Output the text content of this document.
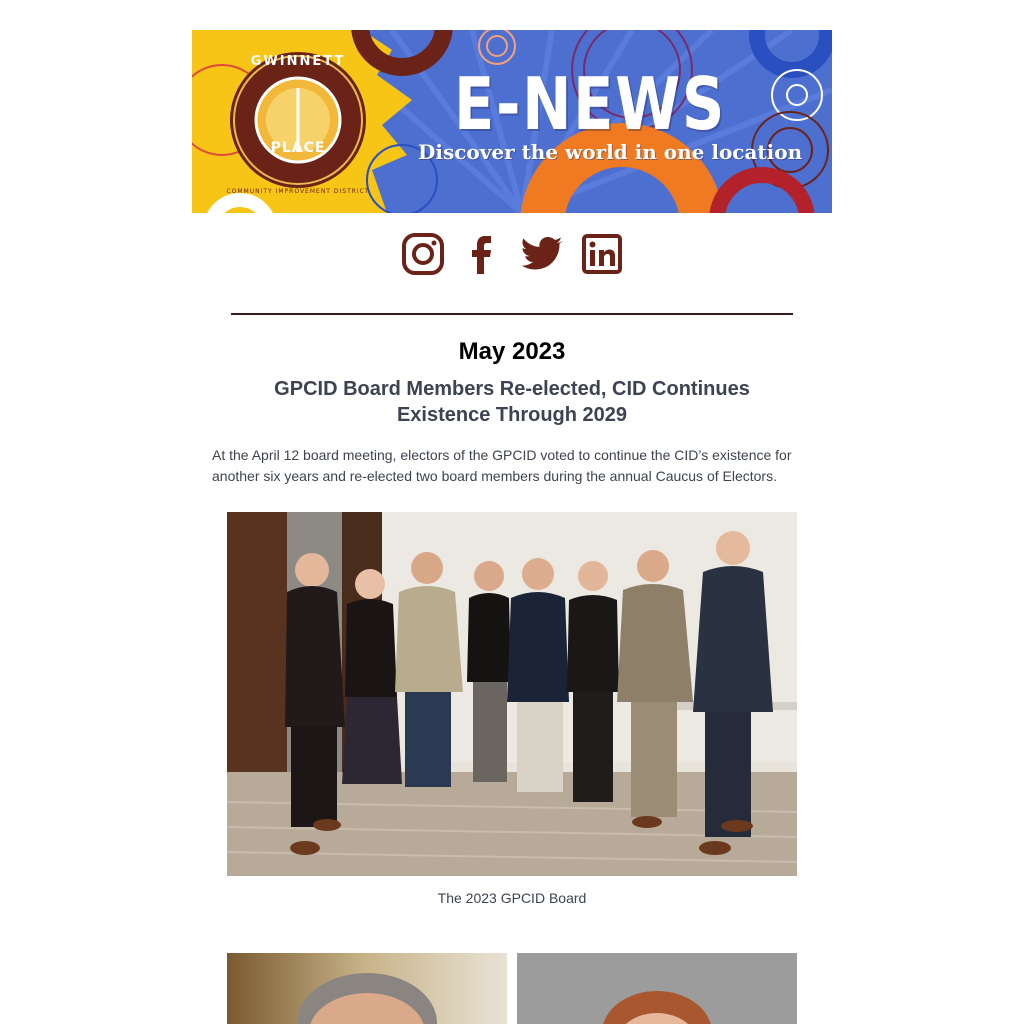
GWINNETT
PLACE
COMMUNITY IMPROVEMENT DISTRICT
E-NEWS
Discover the world in one location
May 2023
GPCID Board Members Re-elected, CID Continues Existence Through 2029
At the April 12 board meeting, electors of the GPCID voted to continue the CID’s existence for another six years and re-elected two board members during the annual Caucus of Electors.
The 2023 GPCID Board
